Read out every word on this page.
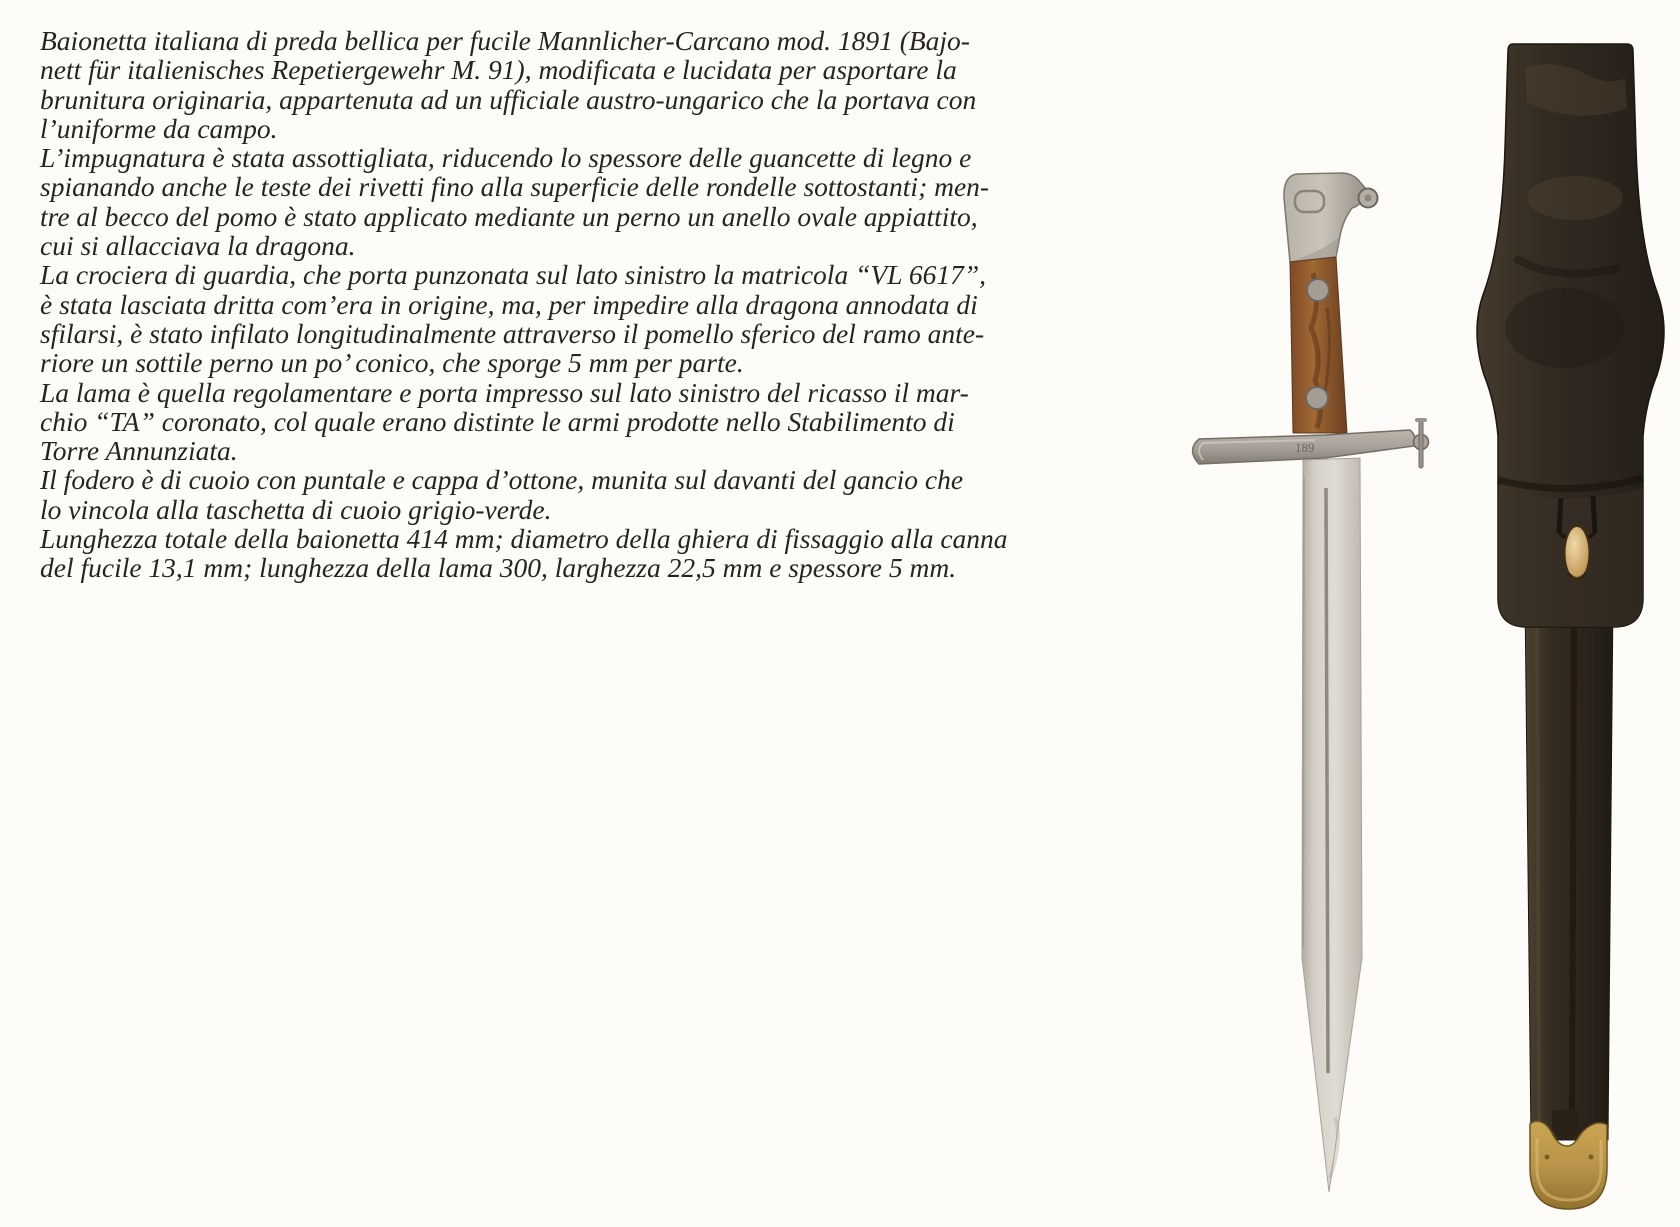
Baionetta italiana di preda bellica per fucile Mannlicher-Carcano mod. 1891 (Bajo-
nett für italienisches Repetiergewehr M. 91), modificata e lucidata per asportare la
brunitura originaria, appartenuta ad un ufficiale austro-ungarico che la portava con
l’uniforme da campo.
L’impugnatura è stata assottigliata, riducendo lo spessore delle guancette di legno e
spianando anche le teste dei rivetti fino alla superficie delle rondelle sottostanti; men-
tre al becco del pomo è stato applicato mediante un perno un anello ovale appiattito,
cui si allacciava la dragona.
La crociera di guardia, che porta punzonata sul lato sinistro la matricola “VL 6617”,
è stata lasciata dritta com’era in origine, ma, per impedire alla dragona annodata di
sfilarsi, è stato infilato longitudinalmente attraverso il pomello sferico del ramo ante-
riore un sottile perno un po’ conico, che sporge 5 mm per parte.
La lama è quella regolamentare e porta impresso sul lato sinistro del ricasso il mar-
chio “TA” coronato, col quale erano distinte le armi prodotte nello Stabilimento di
Torre Annunziata.
Il fodero è di cuoio con puntale e cappa d’ottone, munita sul davanti del gancio che
lo vincola alla taschetta di cuoio grigio-verde.
Lunghezza totale della baionetta 414 mm; diametro della ghiera di fissaggio alla canna
del fucile 13,1 mm; lunghezza della lama 300, larghezza 22,5 mm e spessore 5 mm.
189
